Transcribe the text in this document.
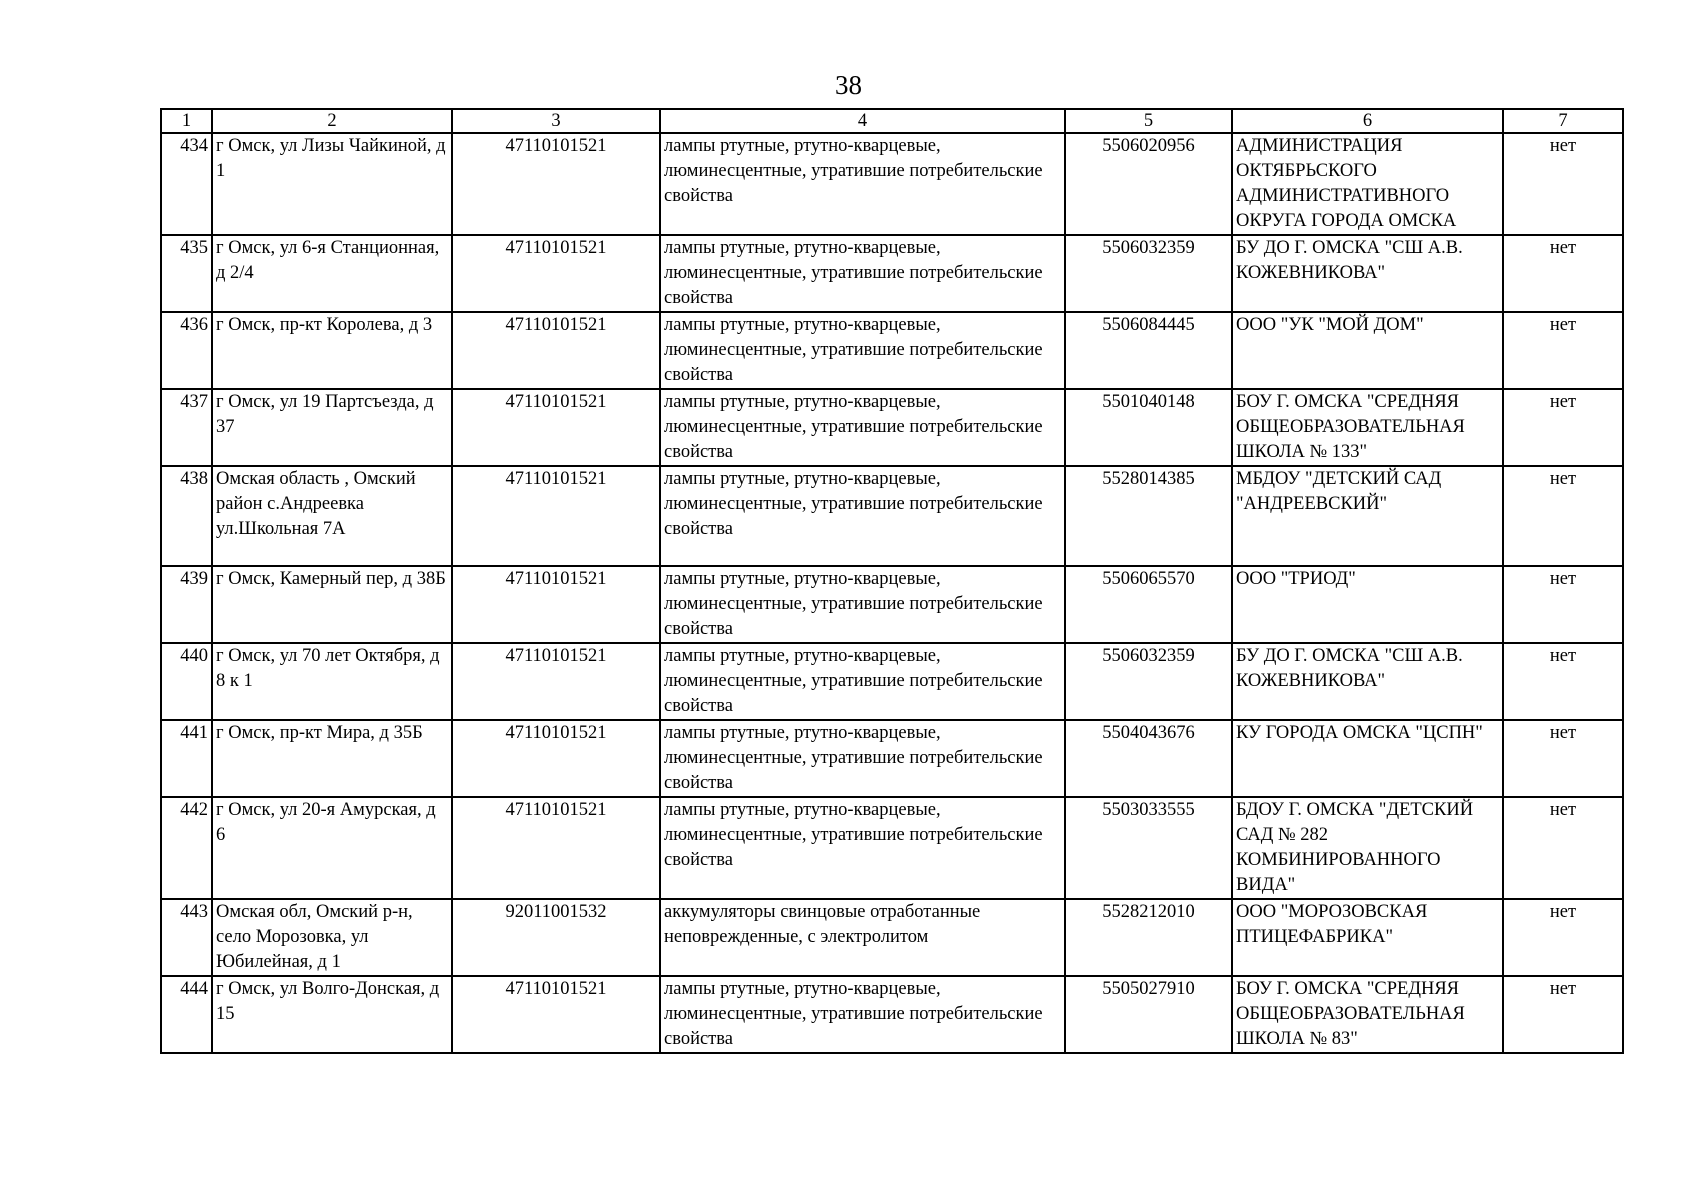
38
1	2	3	4	5	6	7
434	г Омск, ул Лизы Чайкиной, д 1	47110101521	лампы ртутные, ртутно-кварцевые, люминесцентные, утратившие потребительские свойства	5506020956	АДМИНИСТРАЦИЯ ОКТЯБРЬСКОГО АДМИНИСТРАТИВНОГО ОКРУГА ГОРОДА ОМСКА	нет
435	г Омск, ул 6-я Станционная, д 2/4	47110101521	лампы ртутные, ртутно-кварцевые, люминесцентные, утратившие потребительские свойства	5506032359	БУ ДО Г. ОМСКА "СШ А.В. КОЖЕВНИКОВА"	нет
436	г Омск, пр-кт Королева, д 3	47110101521	лампы ртутные, ртутно-кварцевые, люминесцентные, утратившие потребительские свойства	5506084445	ООО "УК "МОЙ ДОМ"	нет
437	г Омск, ул 19 Партсъезда, д 37	47110101521	лампы ртутные, ртутно-кварцевые, люминесцентные, утратившие потребительские свойства	5501040148	БОУ Г. ОМСКА "СРЕДНЯЯ ОБЩЕОБРАЗОВАТЕЛЬНАЯ ШКОЛА № 133"	нет
438	Омская область , Омский район с.Андреевка ул.Школьная 7А	47110101521	лампы ртутные, ртутно-кварцевые, люминесцентные, утратившие потребительские свойства	5528014385	МБДОУ "ДЕТСКИЙ САД "АНДРЕЕВСКИЙ"	нет
439	г Омск, Камерный пер, д 38Б	47110101521	лампы ртутные, ртутно-кварцевые, люминесцентные, утратившие потребительские свойства	5506065570	ООО "ТРИОД"	нет
440	г Омск, ул 70 лет Октября, д 8 к 1	47110101521	лампы ртутные, ртутно-кварцевые, люминесцентные, утратившие потребительские свойства	5506032359	БУ ДО Г. ОМСКА "СШ А.В. КОЖЕВНИКОВА"	нет
441	г Омск, пр-кт Мира, д 35Б	47110101521	лампы ртутные, ртутно-кварцевые, люминесцентные, утратившие потребительские свойства	5504043676	КУ ГОРОДА ОМСКА "ЦСПН"	нет
442	г Омск, ул 20-я Амурская, д 6	47110101521	лампы ртутные, ртутно-кварцевые, люминесцентные, утратившие потребительские свойства	5503033555	БДОУ Г. ОМСКА "ДЕТСКИЙ САД № 282 КОМБИНИРОВАННОГО ВИДА"	нет
443	Омская обл, Омский р-н, село Морозовка, ул Юбилейная, д 1	92011001532	аккумуляторы свинцовые отработанные неповрежденные, с электролитом	5528212010	ООО "МОРОЗОВСКАЯ ПТИЦЕФАБРИКА"	нет
444	г Омск, ул Волго-Донская, д 15	47110101521	лампы ртутные, ртутно-кварцевые, люминесцентные, утратившие потребительские свойства	5505027910	БОУ Г. ОМСКА "СРЕДНЯЯ ОБЩЕОБРАЗОВАТЕЛЬНАЯ ШКОЛА № 83"	нет
